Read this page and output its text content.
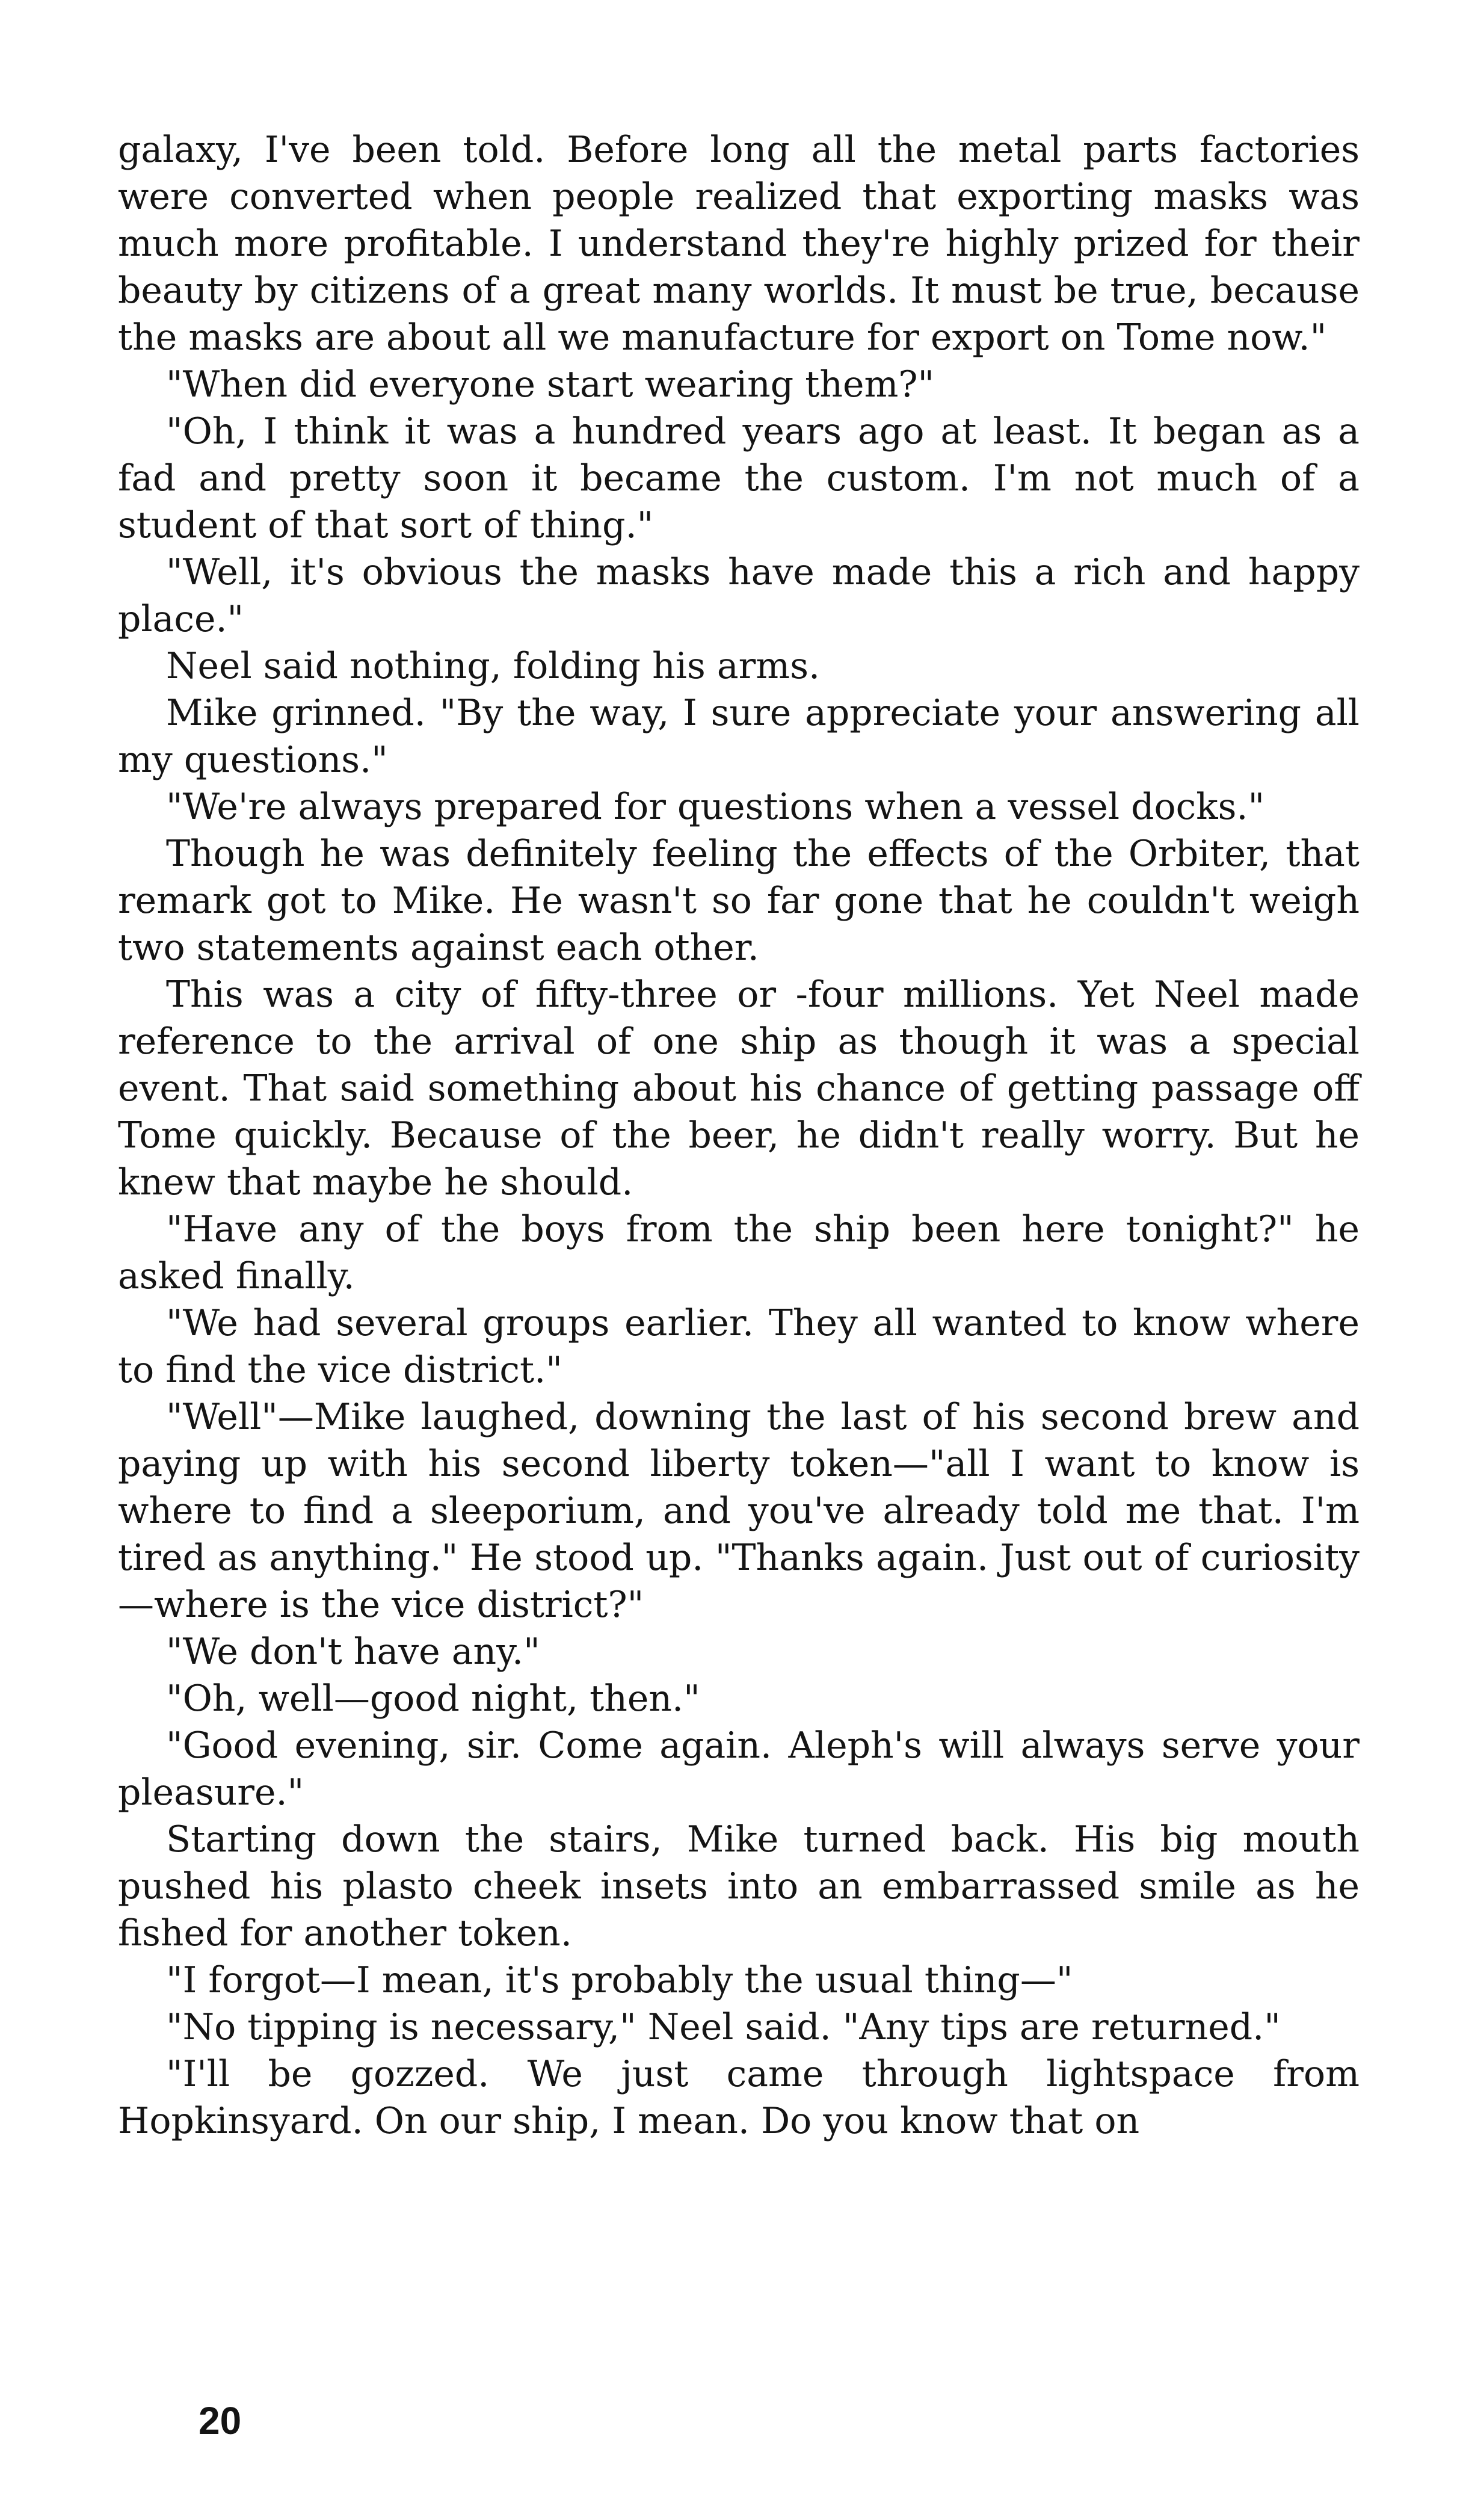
galaxy, I've been told. Before long all the metal parts factories were converted when people realized that exporting masks was much more profitable. I understand they're highly prized for their beauty by citizens of a great many worlds. It must be true, because the masks are about all we manufacture for export on Tome now."

"When did everyone start wearing them?"

"Oh, I think it was a hundred years ago at least. It began as a fad and pretty soon it became the custom. I'm not much of a student of that sort of thing."

"Well, it's obvious the masks have made this a rich and happy place."

Neel said nothing, folding his arms.

Mike grinned. "By the way, I sure appreciate your answering all my questions."

"We're always prepared for questions when a vessel docks."

Though he was definitely feeling the effects of the Orbiter, that remark got to Mike. He wasn't so far gone that he couldn't weigh two statements against each other.

This was a city of fifty-three or -four millions. Yet Neel made reference to the arrival of one ship as though it was a special event. That said something about his chance of getting passage off Tome quickly. Because of the beer, he didn't really worry. But he knew that maybe he should.

"Have any of the boys from the ship been here tonight?" he asked finally.

"We had several groups earlier. They all wanted to know where to find the vice district."

"Well"—Mike laughed, downing the last of his second brew and paying up with his second liberty token—"all I want to know is where to find a sleeporium, and you've already told me that. I'm tired as anything." He stood up. "Thanks again. Just out of curiosity—where is the vice district?"

"We don't have any."

"Oh, well—good night, then."

"Good evening, sir. Come again. Aleph's will always serve your pleasure."

Starting down the stairs, Mike turned back. His big mouth pushed his plasto cheek insets into an embarrassed smile as he fished for another token.

"I forgot—I mean, it's probably the usual thing—"

"No tipping is necessary," Neel said. "Any tips are returned."

"I'll be gozzed. We just came through lightspace from Hopkinsyard. On our ship, I mean. Do you know that on

20
